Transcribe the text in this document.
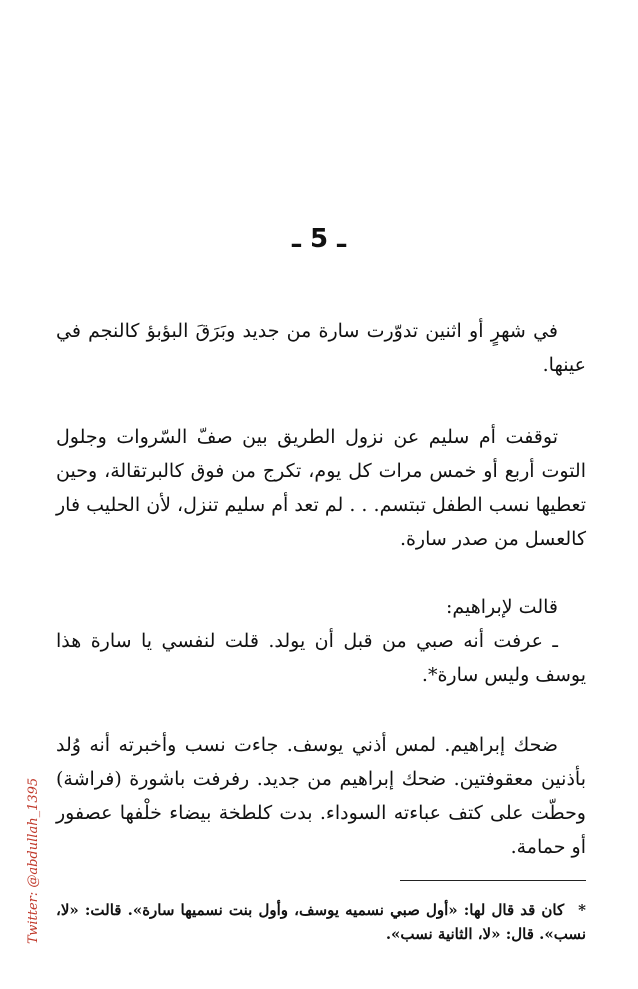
ـ 5 ـ

في شهرٍ أو اثنين تدوّرت سارة من جديد وبَرَقَ البؤبؤ كالنجم في عينها.

توقفت أم سليم عن نزول الطريق بين صفّ السّروات وجلول التوت أربع أو خمس مرات كل يوم، تكرج من فوق كالبرتقالة، وحين تعطيها نسب الطفل تبتسم. . . لم تعد أم سليم تنزل، لأن الحليب فار كالعسل من صدر سارة.

قالت لإبراهيم:

ـ عرفت أنه صبي من قبل أن يولد. قلت لنفسي يا سارة هذا يوسف وليس سارة*.

ضحك إبراهيم. لمس أذني يوسف. جاءت نسب وأخبرته أنه وُلد بأذنين معقوفتين. ضحك إبراهيم من جديد. رفرفت باشورة (فراشة) وحطّت على كتف عباءته السوداء. بدت كلطخة بيضاء خلْفها عصفور أو حمامة.

*كان قد قال لها: «أول صبي نسميه يوسف، وأول بنت نسميها سارة». قالت: «لا، نسب». قال: «لا، الثانية نسب».
Twitter: @abdullah_1395
